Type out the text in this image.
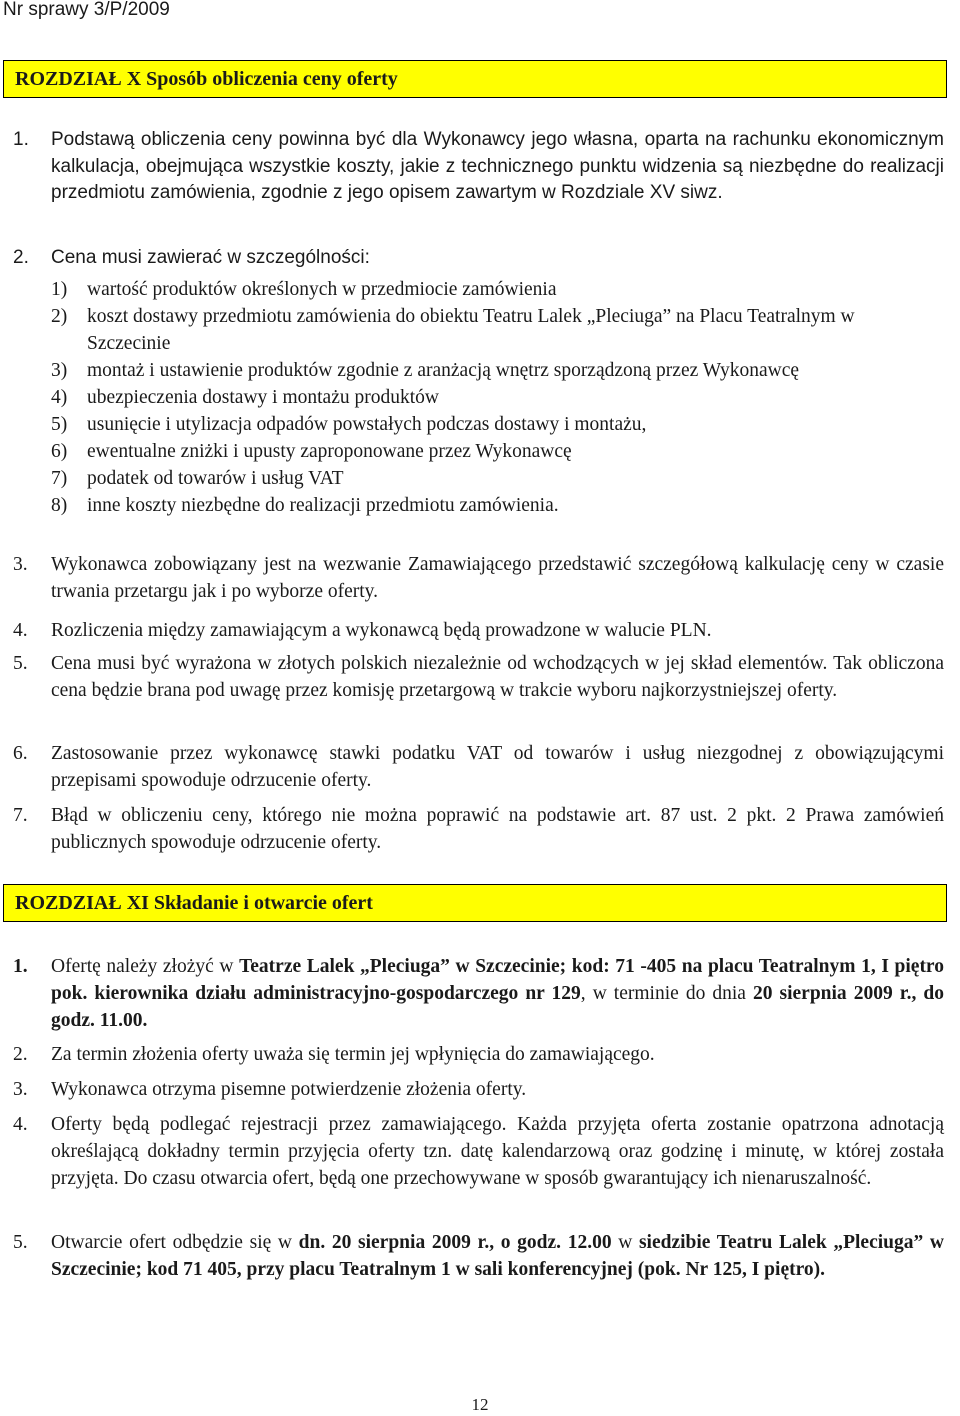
Nr sprawy 3/P/2009
ROZDZIAŁ X Sposób obliczenia ceny oferty
1. Podstawą obliczenia ceny powinna być dla Wykonawcy jego własna, oparta na rachunku ekonomicznym kalkulacja, obejmująca wszystkie koszty, jakie z technicznego punktu widzenia są niezbędne do realizacji przedmiotu zamówienia, zgodnie z jego opisem zawartym w Rozdziale XV siwz.
2. Cena musi zawierać w szczególności:
1) wartość produktów określonych w przedmiocie zamówienia
2) koszt dostawy przedmiotu zamówienia do obiektu Teatru Lalek „Pleciuga” na Placu Teatralnym w Szczecinie
3) montaż i ustawienie produktów zgodnie z aranżacją wnętrz sporządzoną przez Wykonawcę
4) ubezpieczenia dostawy i montażu produktów
5) usunięcie i utylizacja odpadów powstałych podczas dostawy i montażu,
6) ewentualne zniżki i upusty zaproponowane przez Wykonawcę
7) podatek od towarów i usług VAT
8) inne koszty niezbędne do realizacji przedmiotu zamówienia.
3. Wykonawca zobowiązany jest na wezwanie Zamawiającego przedstawić szczegółową kalkulację ceny w czasie trwania przetargu jak i po wyborze oferty.
4. Rozliczenia między zamawiającym a wykonawcą będą prowadzone w walucie PLN.
5. Cena musi być wyrażona w złotych polskich niezależnie od wchodzących w jej skład elementów. Tak obliczona cena będzie brana pod uwagę przez komisję przetargową w trakcie wyboru najkorzystniejszej oferty.
6. Zastosowanie przez wykonawcę stawki podatku VAT od towarów i usług niezgodnej z obowiązującymi przepisami spowoduje odrzucenie oferty.
7. Błąd w obliczeniu ceny, którego nie można poprawić na podstawie art. 87 ust. 2 pkt. 2 Prawa zamówień publicznych spowoduje odrzucenie oferty.
ROZDZIAŁ XI Składanie i otwarcie ofert
1. Ofertę należy złożyć w Teatrze Lalek „Pleciuga” w Szczecinie; kod: 71 -405 na placu Teatralnym 1, I piętro pok. kierownika działu administracyjno-gospodarczego nr 129, w terminie do dnia 20 sierpnia 2009 r., do godz. 11.00.
2. Za termin złożenia oferty uważa się termin jej wpłynięcia do zamawiającego.
3. Wykonawca otrzyma pisemne potwierdzenie złożenia oferty.
4. Oferty będą podlegać rejestracji przez zamawiającego. Każda przyjęta oferta zostanie opatrzona adnotacją określającą dokładny termin przyjęcia oferty tzn. datę kalendarzową oraz godzinę i minutę, w której została przyjęta. Do czasu otwarcia ofert, będą one przechowywane w sposób gwarantujący ich nienaruszalność.
5. Otwarcie ofert odbędzie się w dn. 20 sierpnia 2009 r., o godz. 12.00 w siedzibie Teatru Lalek „Pleciuga” w Szczecinie; kod 71 405, przy placu Teatralnym 1 w sali konferencyjnej (pok. Nr 125, I piętro).
12
